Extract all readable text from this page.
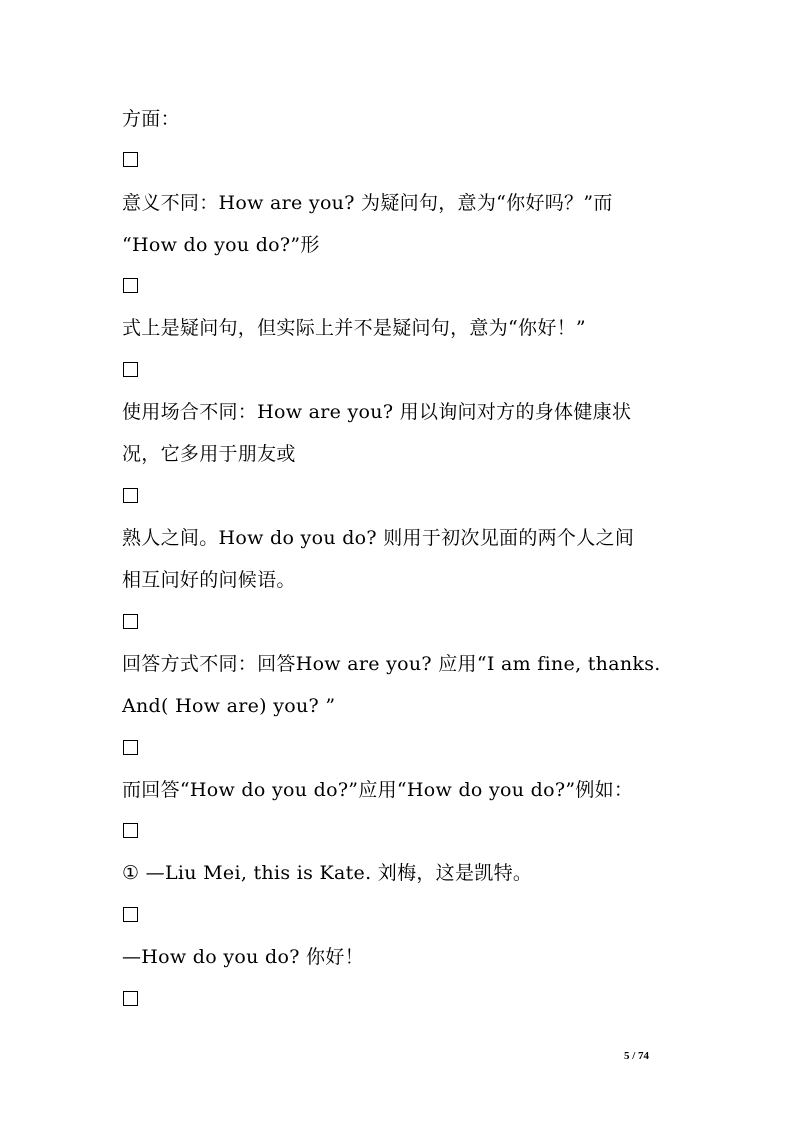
方面：
意义不同：How are you? 为疑问句，意为“你好吗？”而
“How do you do?”形
式上是疑问句，但实际上并不是疑问句，意为“你好！”
使用场合不同：How are you? 用以询问对方的身体健康状
况，它多用于朋友或
熟人之间。How do you do? 则用于初次见面的两个人之间
相互问好的问候语。
回答方式不同：回答How are you? 应用“I am fine, thanks.
And( How are) you? ”
而回答“How do you do?”应用“How do you do?”例如：
① —Liu Mei, this is Kate. 刘梅，这是凯特。
—How do you do? 你好！
5 / 74
